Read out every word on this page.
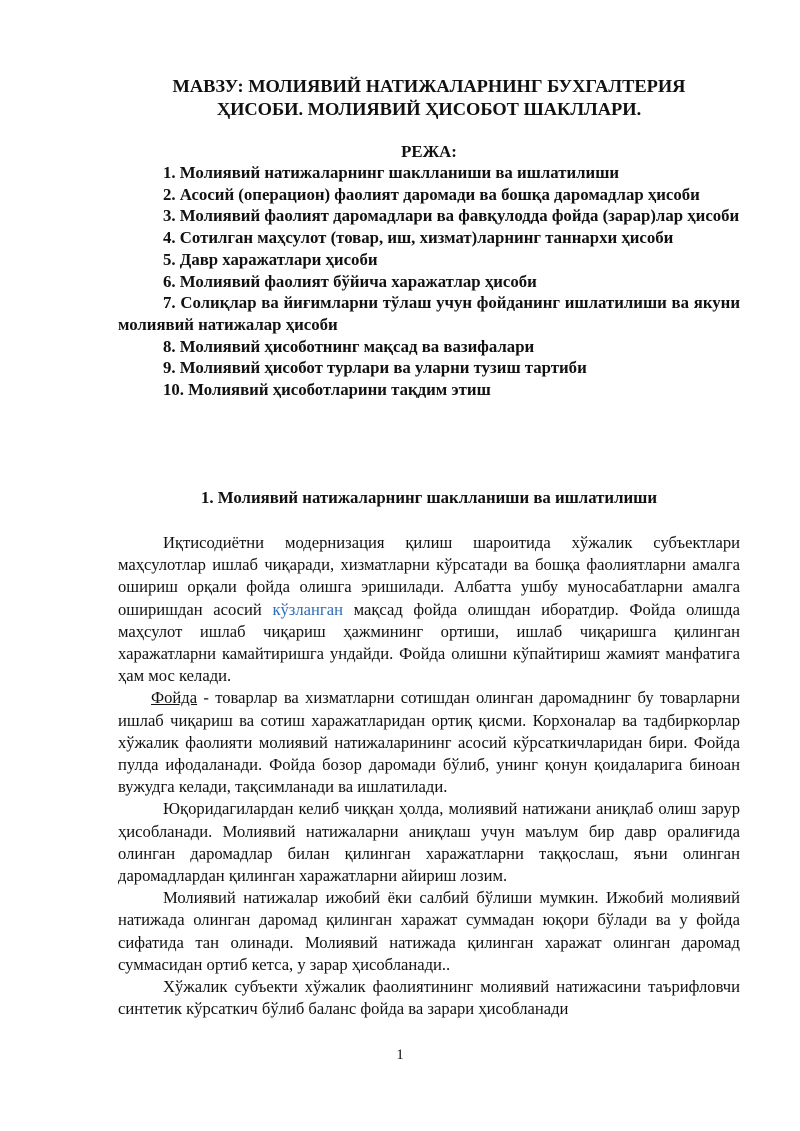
МАВЗУ: МОЛИЯВИЙ НАТИЖАЛАРНИНГ БУХГАЛТЕРИЯ
ҲИСОБИ. МОЛИЯВИЙ ҲИСОБОТ ШАКЛЛАРИ.
РЕЖА:

1. Молиявий натижаларнинг шаклланиши ва ишлатилиши

2. Асосий (операцион) фаолият даромади ва бошқа даромадлар ҳисоби

3. Молиявий фаолият даромадлари ва фавқулодда фойда (зарар)лар ҳисоби

4. Сотилган маҳсулот (товар, иш, хизмат)ларнинг таннархи ҳисоби

5. Давр харажатлари ҳисоби

6. Молиявий фаолият бўйича харажатлар ҳисоби

7. Солиқлар ва йиғимларни тўлаш учун фойданинг ишлатилиши ва якуни молиявий натижалар ҳисоби

8. Молиявий ҳисоботнинг мақсад ва вазифалари

9. Молиявий ҳисобот турлари ва уларни тузиш тартиби

10. Молиявий ҳисоботларини тақдим этиш

1. Молиявий натижаларнинг шаклланиши ва ишлатилиши

Иқтисодиётни модернизация қилиш шароитида хўжалик субъектлари маҳсулотлар ишлаб чиқаради, хизматларни кўрсатади ва бошқа фаолиятларни амалга ошириш орқали фойда олишга эришилади. Албатта ушбу муносабатларни амалга оширишдан асосий кўзланган мақсад фойда олишдан иборатдир. Фойда олишда маҳсулот ишлаб чиқариш ҳажмининг ортиши, ишлаб чиқаришга қилинган харажатларни камайтиришга ундайди. Фойда олишни кўпайтириш жамият манфатига ҳам мос келади.

Фойда - товарлар ва хизматларни сотишдан олинган даромаднинг бу товарларни ишлаб чиқариш ва сотиш харажатларидан ортиқ қисми. Корхоналар ва тадбиркорлар хўжалик фаолияти молиявий натижаларининг асосий кўрсаткичларидан бири. Фойда пулда ифодаланади. Фойда бозор даромади бўлиб, унинг қонун қоидаларига биноан вужудга келади, тақсимланади ва ишлатилади.

Юқоридагилардан келиб чиққан ҳолда, молиявий натижани аниқлаб олиш зарур ҳисобланади. Молиявий натижаларни аниқлаш учун маълум бир давр оралиғида олинган даромадлар билан қилинган харажатларни таққослаш, яъни олинган даромадлардан қилинган харажатларни айириш лозим.

Молиявий натижалар ижобий ёки салбий бўлиши мумкин. Ижобий молиявий натижада олинган даромад қилинган харажат суммадан юқори бўлади ва у фойда сифатида тан олинади. Молиявий натижада қилинган харажат олинган даромад суммасидан ортиб кетса, у зарар ҳисобланади..

Хўжалик субъекти хўжалик фаолиятининг молиявий натижасини таърифловчи синтетик кўрсаткич бўлиб баланс фойда ва зарари ҳисобланади

1
